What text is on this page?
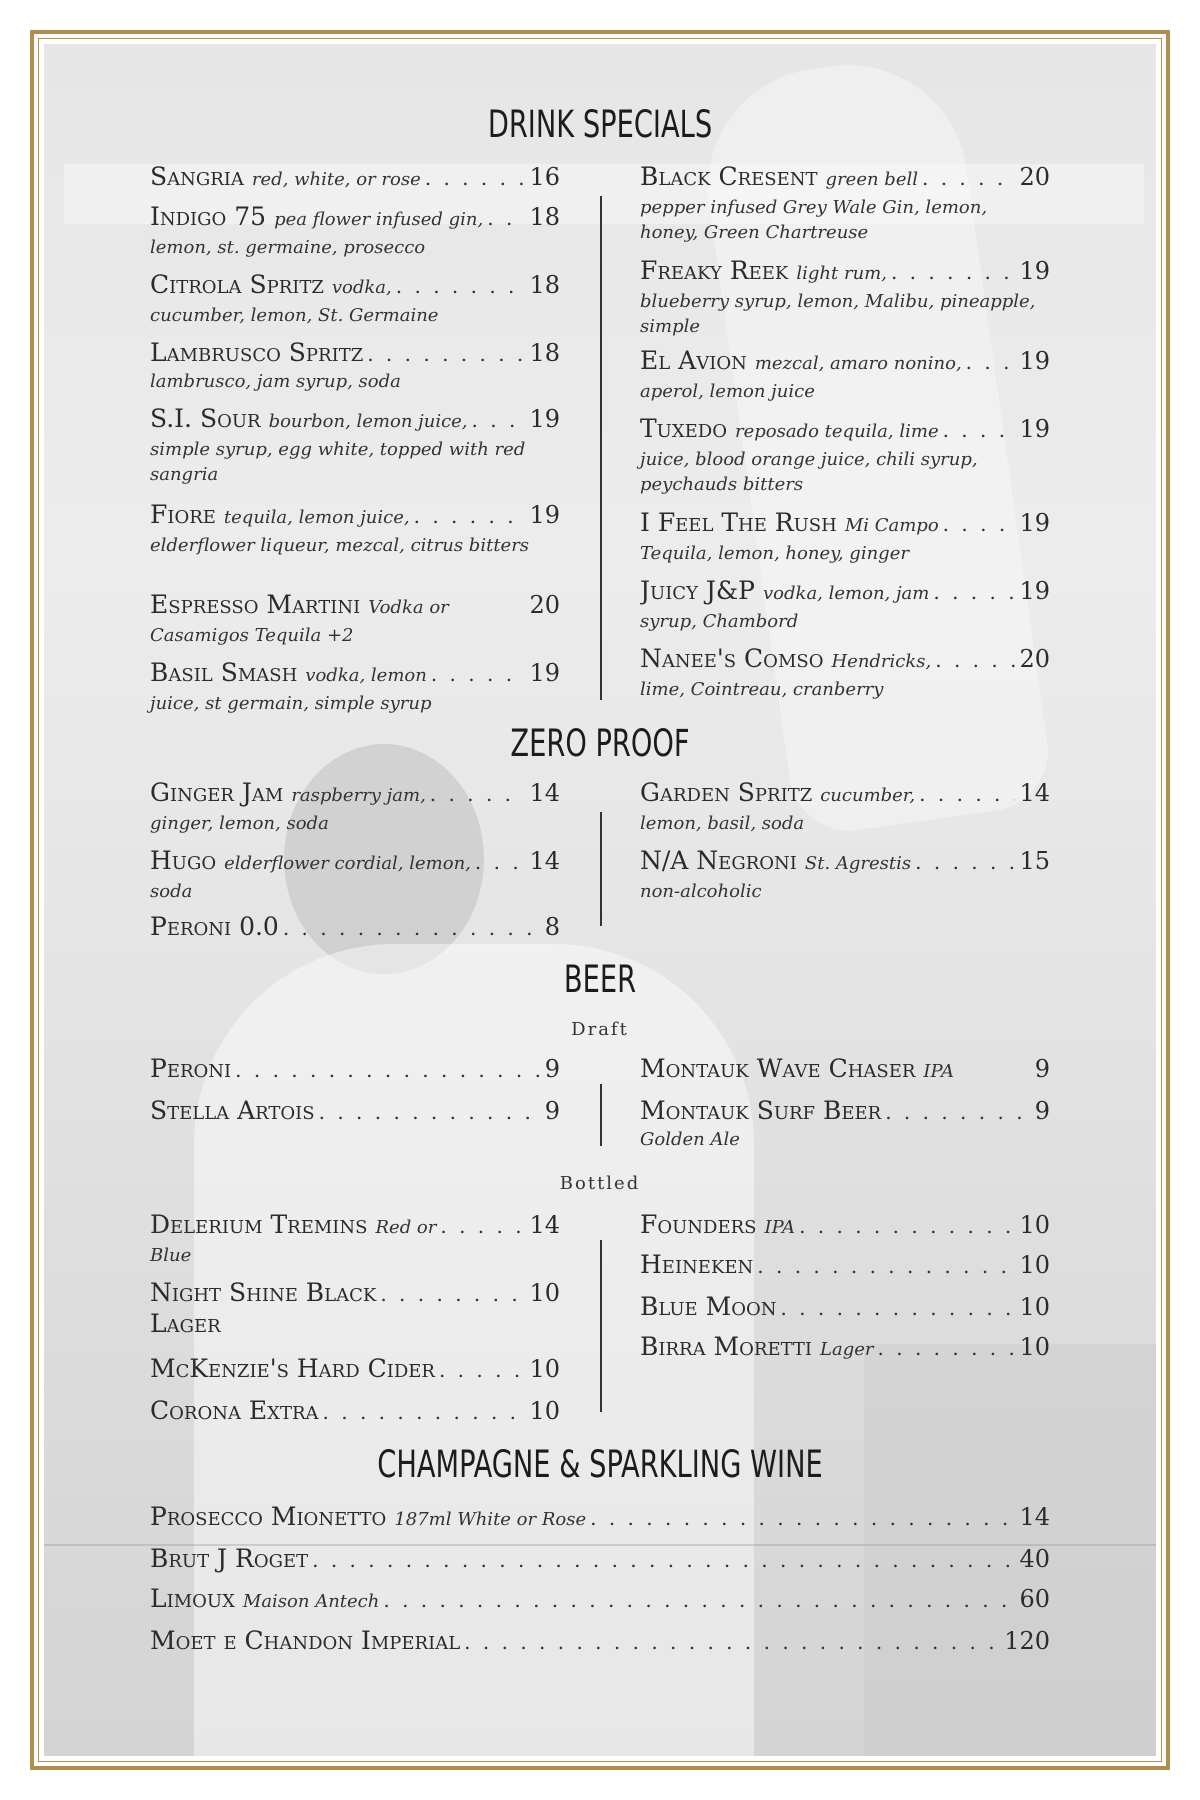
DRINK SPECIALS
ZERO PROOF
BEER
Draft
Bottled
CHAMPAGNE & SPARKLING WINE
Sangria red, white, or rose . . .	16
Indigo 75 pea flower infused gin, . . . 18
lemon, st. germaine, prosecco
Citrola Spritz vodka, . . .	18
cucumber, lemon, St. Germaine
Lambrusco Spritz . . .	18
lambrusco, jam syrup, soda
S.I. Sour bourbon, lemon juice, . . .	19
simple syrup, egg white, topped with red sangria
Fiore tequila, lemon juice, . . .	19
elderflower liqueur, mezcal, citrus bitters
Espresso Martini Vodka or	20
Casamigos Tequila +2
Basil Smash vodka, lemon . . .	19
juice, st germain, simple syrup
Black Cresent green bell . . .	20
pepper infused Grey Wale Gin, lemon, honey, Green Chartreuse
Freaky Reek light rum, . . .	19
blueberry syrup, lemon, Malibu, pineapple, simple
El Avion mezcal, amaro nonino, . . . 19
aperol, lemon juice
Tuxedo reposado tequila, lime . . .	19
juice, blood orange juice, chili syrup, peychauds bitters
I Feel The Rush Mi Campo . . .	19
Tequila, lemon, honey, ginger
Juicy J&P vodka, lemon, jam . . .	19
syrup, Chambord
Nanee's Comso Hendricks, . . .	20
lime, Cointreau, cranberry
Ginger Jam raspberry jam, . . .	14
ginger, lemon, soda
Hugo elderflower cordial, lemon, . . . 14
soda
Peroni 0.0 . . .	8
Garden Spritz cucumber, . . .	14
lemon, basil, soda
N/A Negroni St. Agrestis . . .	15
non-alcoholic
Peroni . . .	9
Stella Artois . . .	9
Montauk Wave Chaser IPA	9
Montauk Surf Beer . . .	9
Golden Ale
Delerium Tremins Red or . . .	14
Blue
Night Shine Black . . .	10
Lager
McKenzie's Hard Cider . . .	10
Corona Extra . . .	10
Founders IPA . . .	10
Heineken . . .	10
Blue Moon . . .	10
Birra Moretti Lager . . .	10
Prosecco Mionetto 187ml White or Rose . . .	14
Brut J Roget . . .	40
Limoux Maison Antech . . .	60
Moet e Chandon Imperial . . .	120
